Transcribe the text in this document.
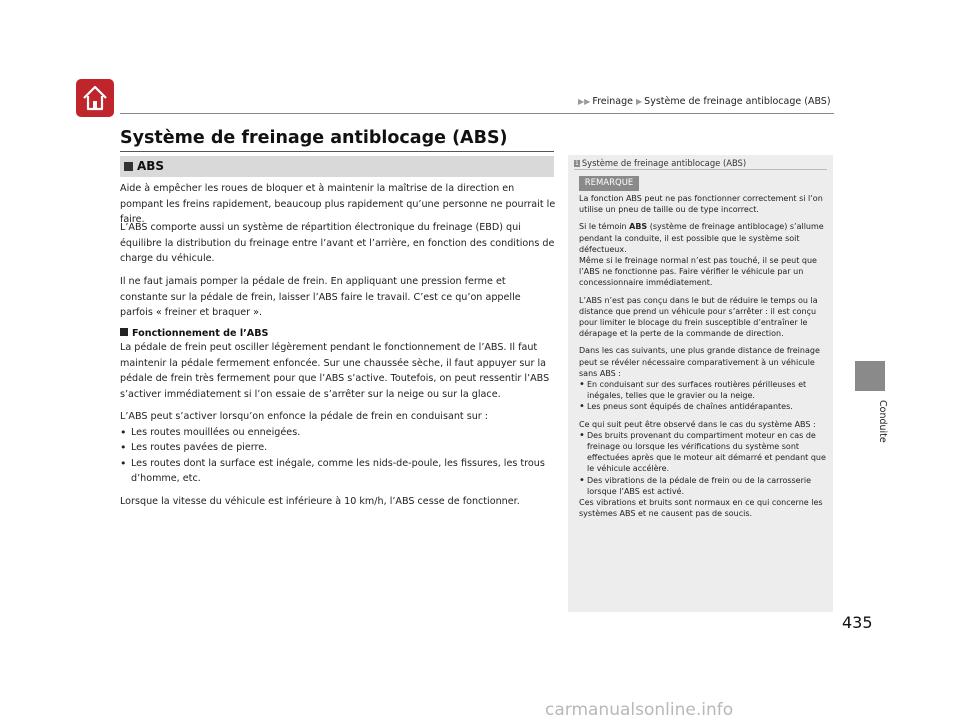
▶▶ Freinage ▶ Système de freinage antiblocage (ABS)
Système de freinage antiblocage (ABS)
ABS

Aide à empêcher les roues de bloquer et à maintenir la maîtrise de la direction en pompant les freins rapidement, beaucoup plus rapidement qu’une personne ne pourrait le faire.

L’ABS comporte aussi un système de répartition électronique du freinage (EBD) qui équilibre la distribution du freinage entre l’avant et l’arrière, en fonction des conditions de charge du véhicule.

Il ne faut jamais pomper la pédale de frein. En appliquant une pression ferme et constante sur la pédale de frein, laisser l’ABS faire le travail. C’est ce qu’on appelle parfois « freiner et braquer ».

Fonctionnement de l’ABS

La pédale de frein peut osciller légèrement pendant le fonctionnement de l’ABS. Il faut maintenir la pédale fermement enfoncée. Sur une chaussée sèche, il faut appuyer sur la pédale de frein très fermement pour que l’ABS s’active. Toutefois, on peut ressentir l’ABS s’activer immédiatement si l’on essaie de s’arrêter sur la neige ou sur la glace.

L’ABS peut s’activer lorsqu’on enfonce la pédale de frein en conduisant sur :

• Les routes mouillées ou enneigées.
• Les routes pavées de pierre.
• Les routes dont la surface est inégale, comme les nids-de-poule, les fissures, les trous d’homme, etc.

Lorsque la vitesse du véhicule est inférieure à 10 km/h, l’ABS cesse de fonctionner.

1 Système de freinage antiblocage (ABS)
REMARQUE

La fonction ABS peut ne pas fonctionner correctement si l’on utilise un pneu de taille ou de type incorrect.

Si le témoin ABS (système de freinage antiblocage) s’allume pendant la conduite, il est possible que le système soit défectueux.

Même si le freinage normal n’est pas touché, il se peut que l’ABS ne fonctionne pas. Faire vérifier le véhicule par un concessionnaire immédiatement.

L’ABS n’est pas conçu dans le but de réduire le temps ou la distance que prend un véhicule pour s’arrêter : il est conçu pour limiter le blocage du frein susceptible d’entraîner le dérapage et la perte de la commande de direction.

Dans les cas suivants, une plus grande distance de freinage peut se révéler nécessaire comparativement à un véhicule sans ABS :

• En conduisant sur des surfaces routières périlleuses et inégales, telles que le gravier ou la neige.
• Les pneus sont équipés de chaînes antidérapantes.

Ce qui suit peut être observé dans le cas du système ABS :

• Des bruits provenant du compartiment moteur en cas de freinage ou lorsque les vérifications du système sont effectuées après que le moteur ait démarré et pendant que le véhicule accélère.
• Des vibrations de la pédale de frein ou de la carrosserie lorsque l’ABS est activé.

Ces vibrations et bruits sont normaux en ce qui concerne les systèmes ABS et ne causent pas de soucis.

Conduite
435
carmanualsonline.info
